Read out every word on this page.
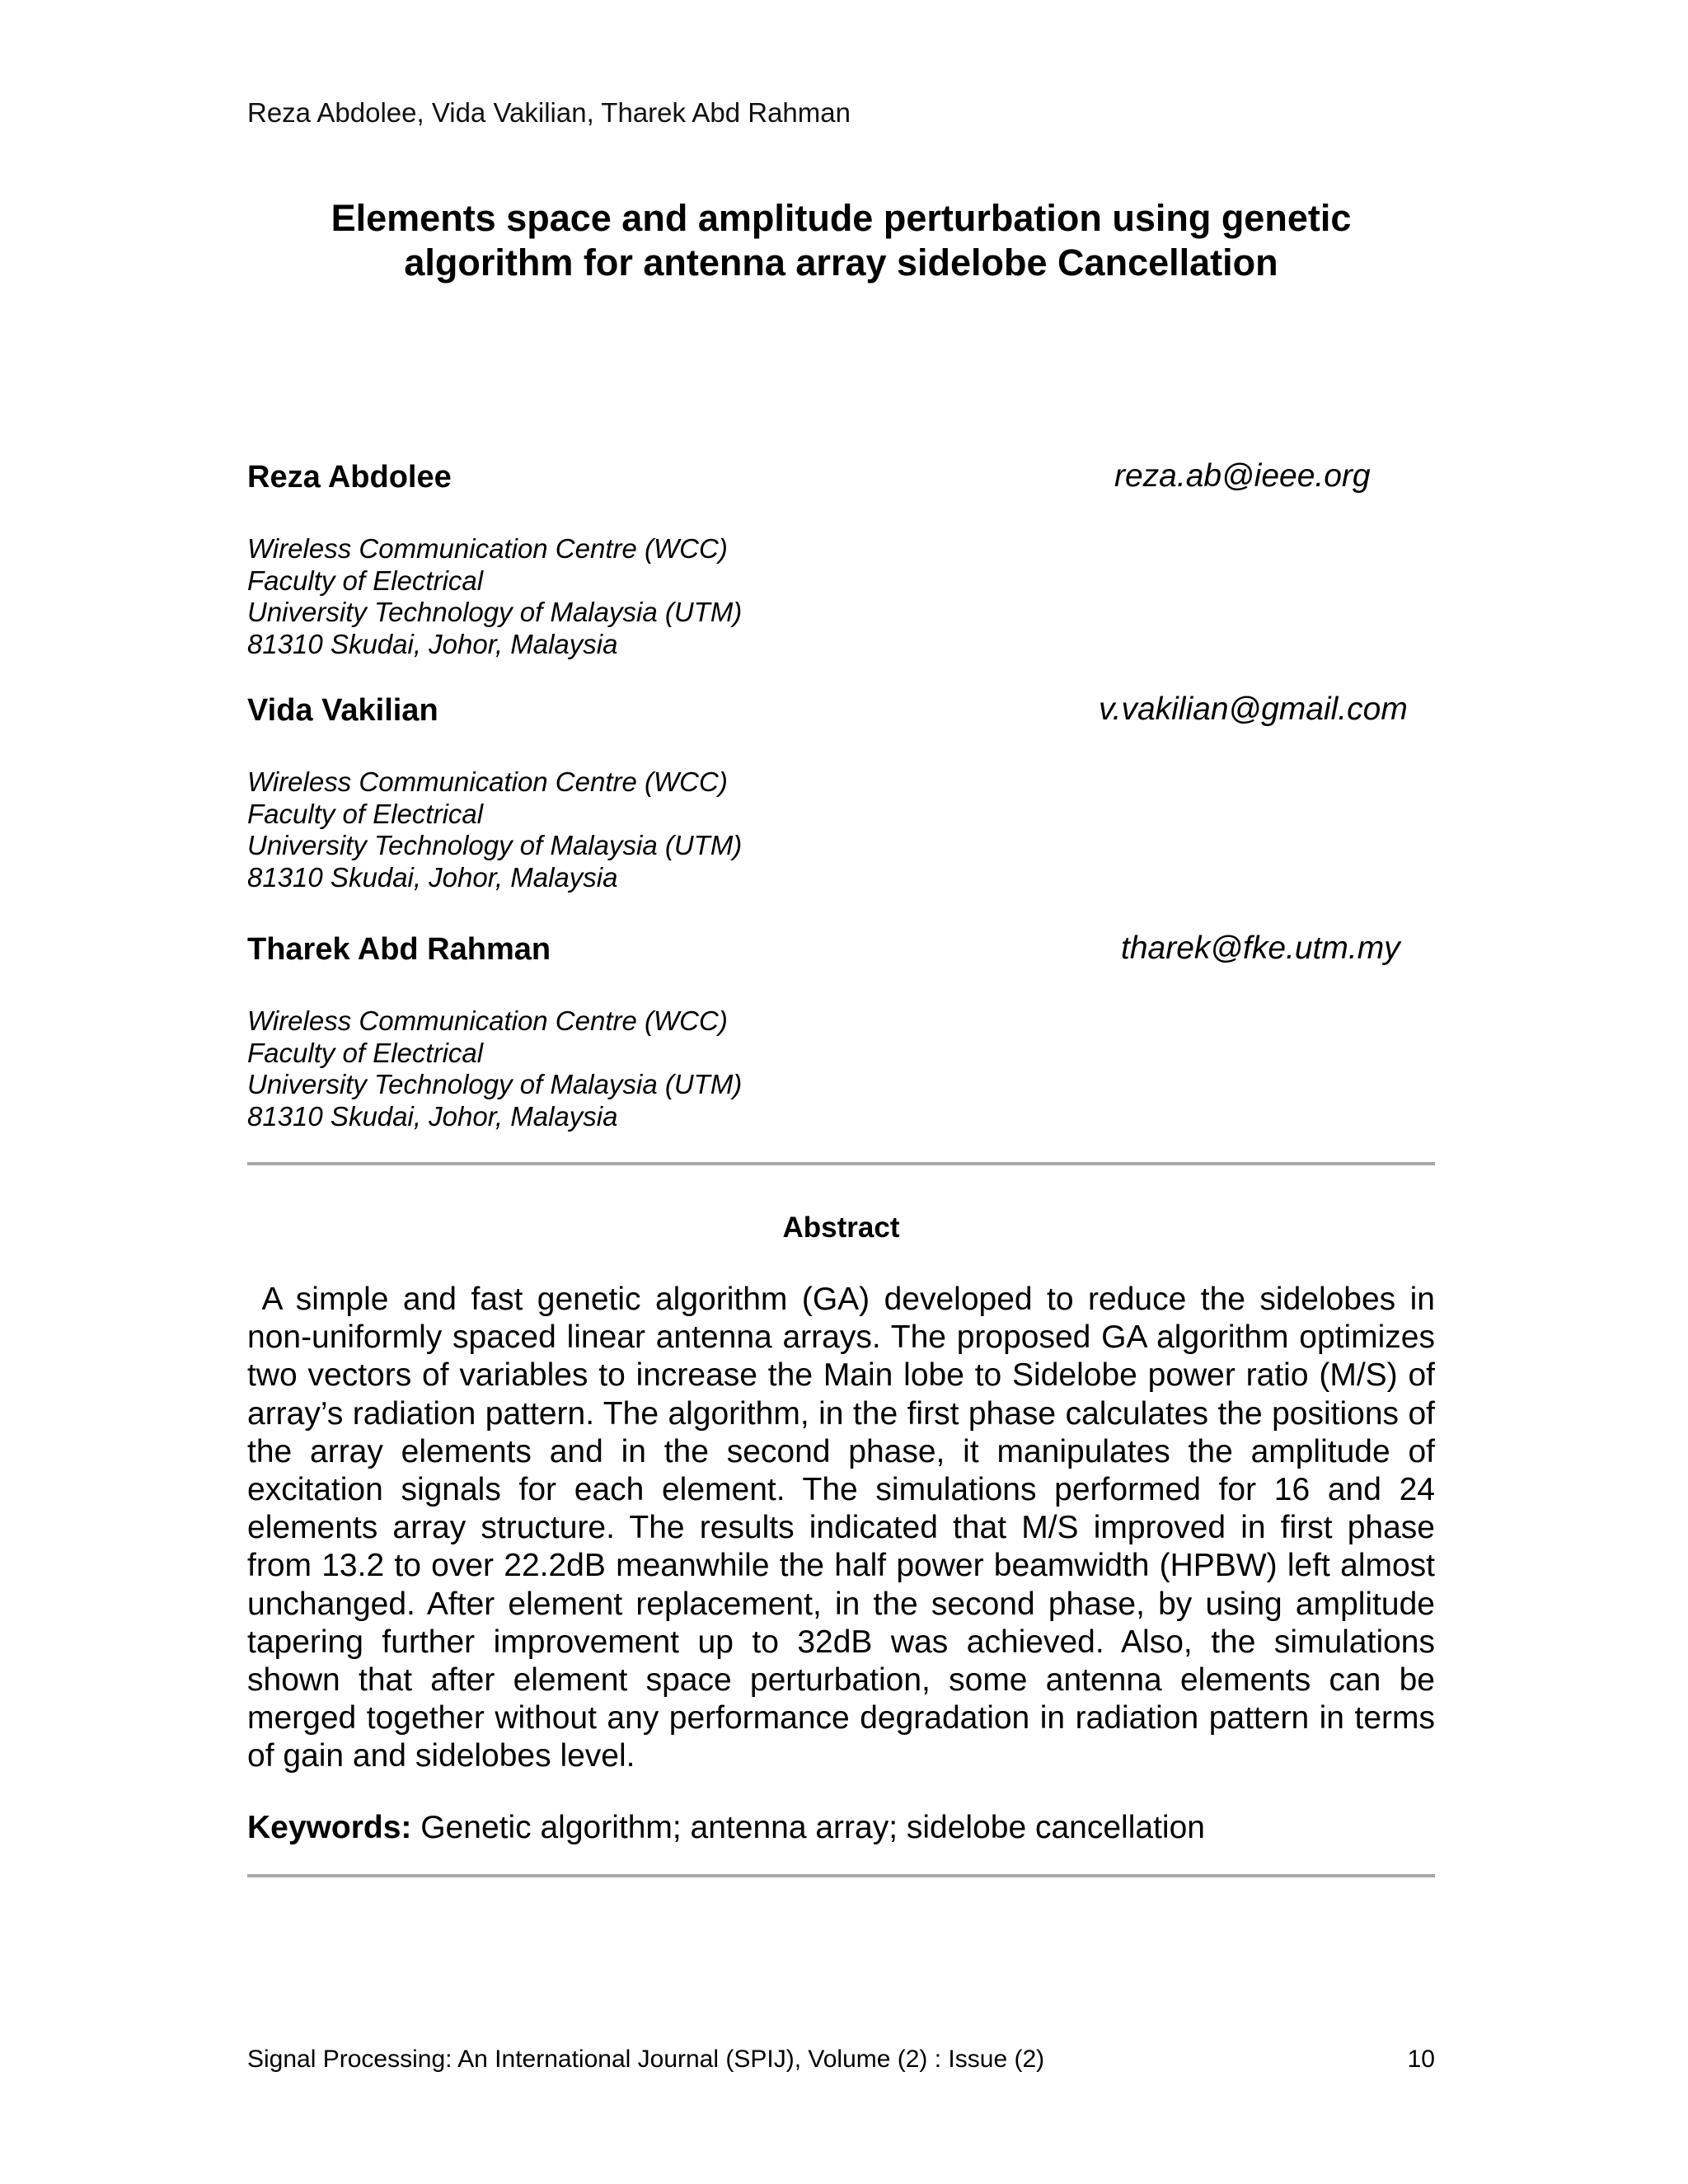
Reza Abdolee, Vida Vakilian, Tharek Abd Rahman
Elements space and amplitude perturbation using genetic
algorithm for antenna array sidelobe Cancellation
Reza Abdolee	reza.ab@ieee.org
Wireless Communication Centre (WCC)
Faculty of Electrical
University Technology of Malaysia (UTM)
81310 Skudai, Johor, Malaysia
Vida Vakilian	v.vakilian@gmail.com
Wireless Communication Centre (WCC)
Faculty of Electrical
University Technology of Malaysia (UTM)
81310 Skudai, Johor, Malaysia
Tharek Abd Rahman	tharek@fke.utm.my
Wireless Communication Centre (WCC)
Faculty of Electrical
University Technology of Malaysia (UTM)
81310 Skudai, Johor, Malaysia
Abstract
A simple and fast genetic algorithm (GA) developed to reduce the sidelobes in non-uniformly spaced linear antenna arrays. The proposed GA algorithm optimizes two vectors of variables to increase the Main lobe to Sidelobe power ratio (M/S) of array’s radiation pattern. The algorithm, in the first phase calculates the positions of the array elements and in the second phase, it manipulates the amplitude of excitation signals for each element. The simulations performed for 16 and 24 elements array structure. The results indicated that M/S improved in first phase from 13.2 to over 22.2dB meanwhile the half power beamwidth (HPBW) left almost unchanged. After element replacement, in the second phase, by using amplitude tapering further improvement up to 32dB was achieved. Also, the simulations shown that after element space perturbation, some antenna elements can be merged together without any performance degradation in radiation pattern in terms of gain and sidelobes level.
Keywords: Genetic algorithm; antenna array; sidelobe cancellation
Signal Processing: An International Journal (SPIJ), Volume (2) : Issue (2)	10
